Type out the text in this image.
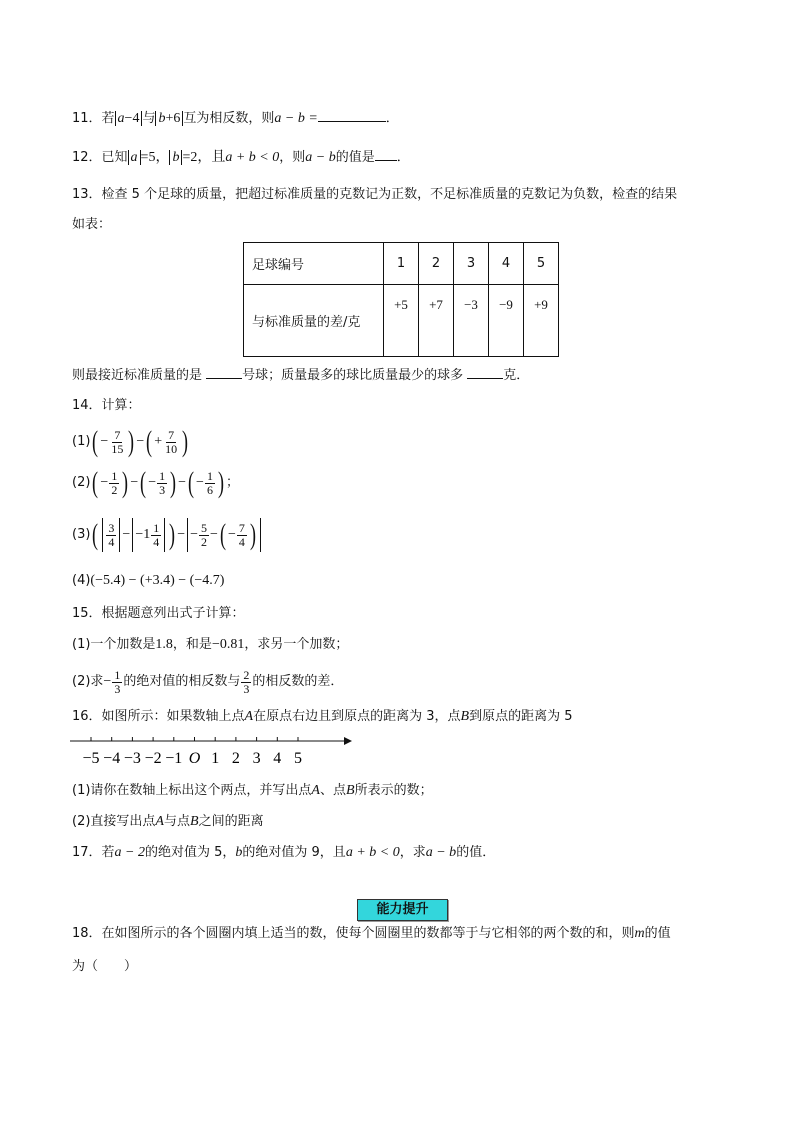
11．若 a−4 与 b+6 互为相反数，则a − b =	．
12．已知 a =5， b =2，且a + b < 0，则a − b的值是 ．
13．检查 5 个足球的质量，把超过标准质量的克数记为正数，不足标准质量的克数记为负数，检查的结果
如表：
足球编号	1	2	3	4	5
与标准质量的差/克	+5	+7	−3	−9	+9
则最接近标准质量的是	号球；质量最多的球比质量最少的球多	克．
14．计算：
(1) ( − $\frac{7}{15}$ ) − ( + $\frac{7}{10}$ )
(2) ( − $\frac{1}{2}$ ) − ( − $\frac{1}{3}$ ) − ( − $\frac{1}{6}$ ) ；
(3) ( $\frac{3}{4}$ − − $1 \frac{1}{4}$ ) − − $\frac{5}{2}$ − ( − $\frac{7}{4}$ )
(4)(−5.4) − (+3.4) − (−4.7)
15．根据题意列出式子计算：
(1)一个加数是1.8，和是−0.81，求另一个加数；
(2)求 − $\frac{1}{3}$ 的绝对值的相反数与 $\frac{2}{3}$ 的相反数的差．
16．如图所示：如果数轴上点A在原点右边且到原点的距离为 3，点B到原点的距离为 5
−5 −4 −3 −2 −1 O 1 2 3 4 5
(1)请你在数轴上标出这个两点，并写出点A、点B所表示的数；
(2)直接写出点A与点B之间的距离
17．若a − 2的绝对值为 5，b的绝对值为 9，且a + b < 0，求a − b的值．
能力提升
18．在如图所示的各个圆圈内填上适当的数，使每个圆圈里的数都等于与它相邻的两个数的和，则m的值
为（　　）
